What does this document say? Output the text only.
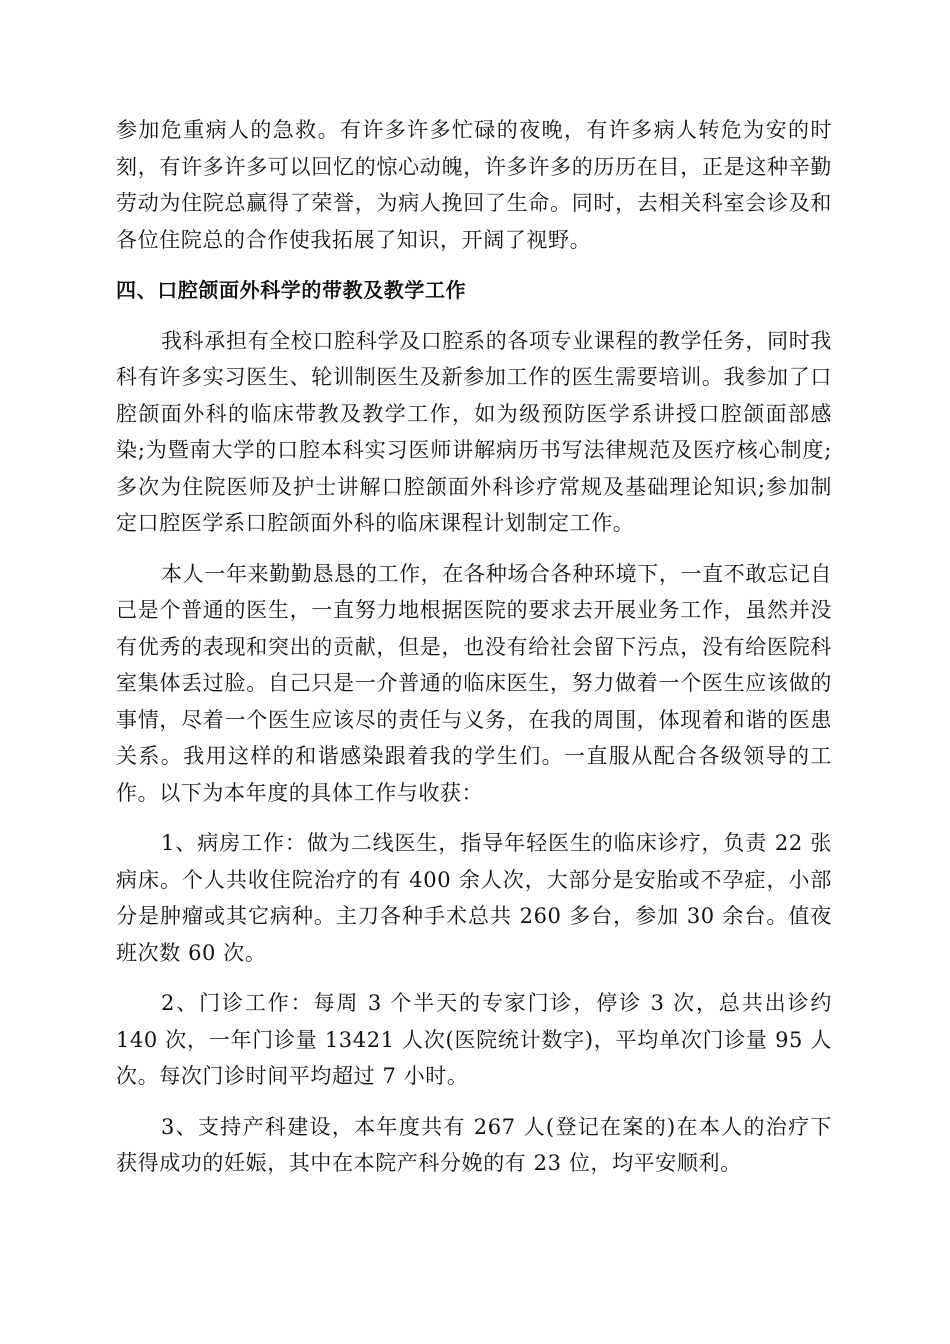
参加危重病人的急救。有许多许多忙碌的夜晚，有许多病人转危为安的时刻，有许多许多可以回忆的惊心动魄，许多许多的历历在目，正是这种辛勤劳动为住院总赢得了荣誉，为病人挽回了生命。同时，去相关科室会诊及和各位住院总的合作使我拓展了知识，开阔了视野。

四、口腔颌面外科学的带教及教学工作

我科承担有全校口腔科学及口腔系的各项专业课程的教学任务，同时我科有许多实习医生、轮训制医生及新参加工作的医生需要培训。我参加了口腔颌面外科的临床带教及教学工作，如为级预防医学系讲授口腔颌面部感染;为暨南大学的口腔本科实习医师讲解病历书写法律规范及医疗核心制度;多次为住院医师及护士讲解口腔颌面外科诊疗常规及基础理论知识;参加制定口腔医学系口腔颌面外科的临床课程计划制定工作。

本人一年来勤勤恳恳的工作，在各种场合各种环境下，一直不敢忘记自己是个普通的医生，一直努力地根据医院的要求去开展业务工作，虽然并没有优秀的表现和突出的贡献，但是，也没有给社会留下污点，没有给医院科室集体丢过脸。自己只是一介普通的临床医生，努力做着一个医生应该做的事情，尽着一个医生应该尽的责任与义务，在我的周围，体现着和谐的医患关系。我用这样的和谐感染跟着我的学生们。一直服从配合各级领导的工作。以下为本年度的具体工作与收获：

1、病房工作：做为二线医生，指导年轻医生的临床诊疗，负责 22 张病床。个人共收住院治疗的有 400 余人次，大部分是安胎或不孕症，小部分是肿瘤或其它病种。主刀各种手术总共 260 多台，参加 30 余台。值夜班次数 60 次。

2、门诊工作：每周 3 个半天的专家门诊，停诊 3 次，总共出诊约 140 次，一年门诊量 13421 人次(医院统计数字)，平均单次门诊量 95 人次。每次门诊时间平均超过 7 小时。

3、支持产科建设，本年度共有 267 人(登记在案的)在本人的治疗下获得成功的妊娠，其中在本院产科分娩的有 23 位，均平安顺利。
